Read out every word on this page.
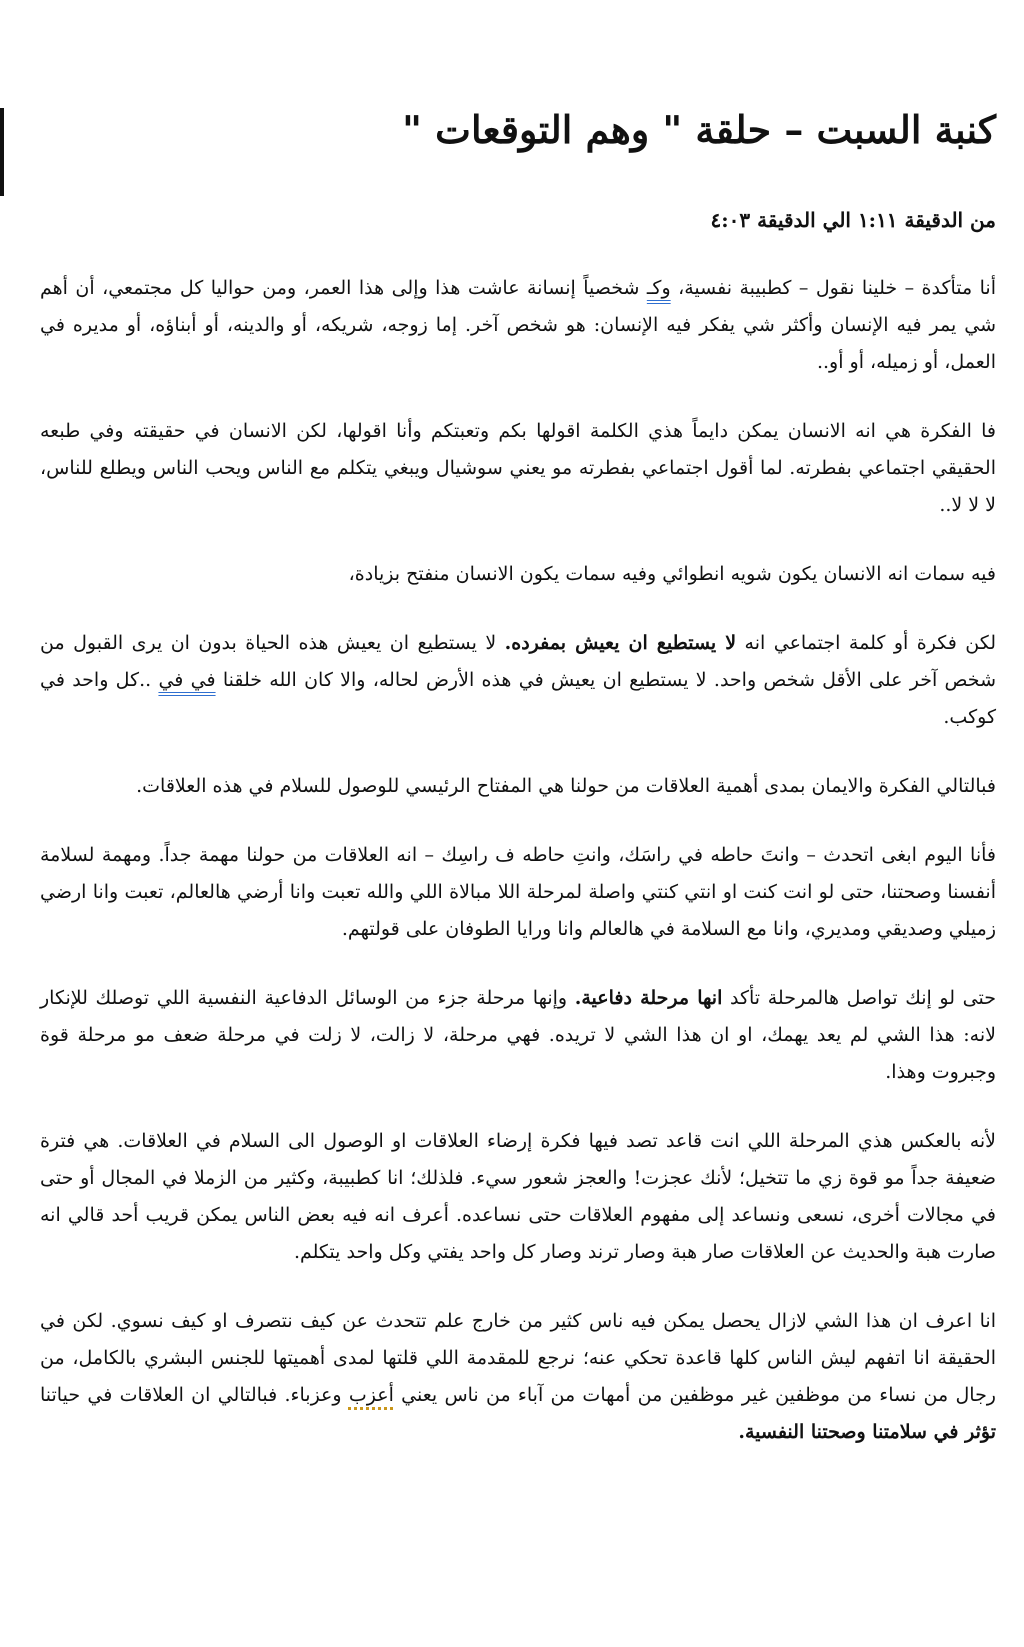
كنبة السبت – حلقة " وهم التوقعات "
من الدقيقة ١:١١ الي الدقيقة ٤:٠٣

أنا متأكدة – خلينا نقول – كطبيبة نفسية، وكـ شخصياً إنسانة عاشت هذا وإلى هذا العمر، ومن حواليا كل مجتمعي، أن أهم شي يمر فيه الإنسان وأكثر شي يفكر فيه الإنسان: هو شخص آخر. إما زوجه، شريكه، أو والدينه، أو أبناؤه، أو مديره في العمل، أو زميله، أو أو..

فا الفكرة هي انه الانسان يمكن دايماً هذي الكلمة اقولها بكم وتعبتكم وأنا اقولها، لكن الانسان في حقيقته وفي طبعه الحقيقي اجتماعي بفطرته. لما أقول اجتماعي بفطرته مو يعني سوشيال ويبغي يتكلم مع الناس ويحب الناس ويطلع للناس، لا لا لا..

فيه سمات انه الانسان يكون شويه انطوائي وفيه سمات يكون الانسان منفتح بزيادة،

لكن فكرة أو كلمة اجتماعي انه لا يستطيع ان يعيش بمفرده. لا يستطيع ان يعيش هذه الحياة بدون ان يرى القبول من شخص آخر على الأقل شخص واحد. لا يستطيع ان يعيش في هذه الأرض لحاله، والا كان الله خلقنا في في ..كل واحد في كوكب.

فبالتالي الفكرة والايمان بمدى أهمية العلاقات من حولنا هي المفتاح الرئيسي للوصول للسلام في هذه العلاقات.

فأنا اليوم ابغى اتحدث – وانتَ حاطه في راسَك، وانتِ حاطه ف راسِك – انه العلاقات من حولنا مهمة جداً. ومهمة لسلامة أنفسنا وصحتنا، حتى لو انت كنت او انتي كنتي واصلة لمرحلة اللا مبالاة اللي والله تعبت وانا أرضي هالعالم، تعبت وانا ارضي زميلي وصديقي ومديري، وانا مع السلامة في هالعالم وانا ورايا الطوفان على قولتهم.

حتى لو إنك تواصل هالمرحلة تأكد انها مرحلة دفاعية. وإنها مرحلة جزء من الوسائل الدفاعية النفسية اللي توصلك للإنكار لانه: هذا الشي لم يعد يهمك، او ان هذا الشي لا تريده. فهي مرحلة، لا زالت، لا زلت في مرحلة ضعف مو مرحلة قوة وجبروت وهذا.

لأنه بالعكس هذي المرحلة اللي انت قاعد تصد فيها فكرة إرضاء العلاقات او الوصول الى السلام في العلاقات. هي فترة ضعيفة جداً مو قوة زي ما تتخيل؛ لأنك عجزت! والعجز شعور سيء. فلذلك؛ انا كطبيبة، وكثير من الزملا في المجال أو حتى في مجالات أخرى، نسعى ونساعد إلى مفهوم العلاقات حتى نساعده. أعرف انه فيه بعض الناس يمكن قريب أحد قالي انه صارت هبة والحديث عن العلاقات صار هبة وصار ترند وصار كل واحد يفتي وكل واحد يتكلم.

انا اعرف ان هذا الشي لازال يحصل يمكن فيه ناس كثير من خارج علم تتحدث عن كيف نتصرف او كيف نسوي. لكن في الحقيقة انا اتفهم ليش الناس كلها قاعدة تحكي عنه؛ نرجع للمقدمة اللي قلتها لمدى أهميتها للجنس البشري بالكامل، من رجال من نساء من موظفين غير موظفين من أمهات من آباء من ناس يعني أعزب وعزباء. فبالتالي ان العلاقات في حياتنا تؤثر في سلامتنا وصحتنا النفسية.
